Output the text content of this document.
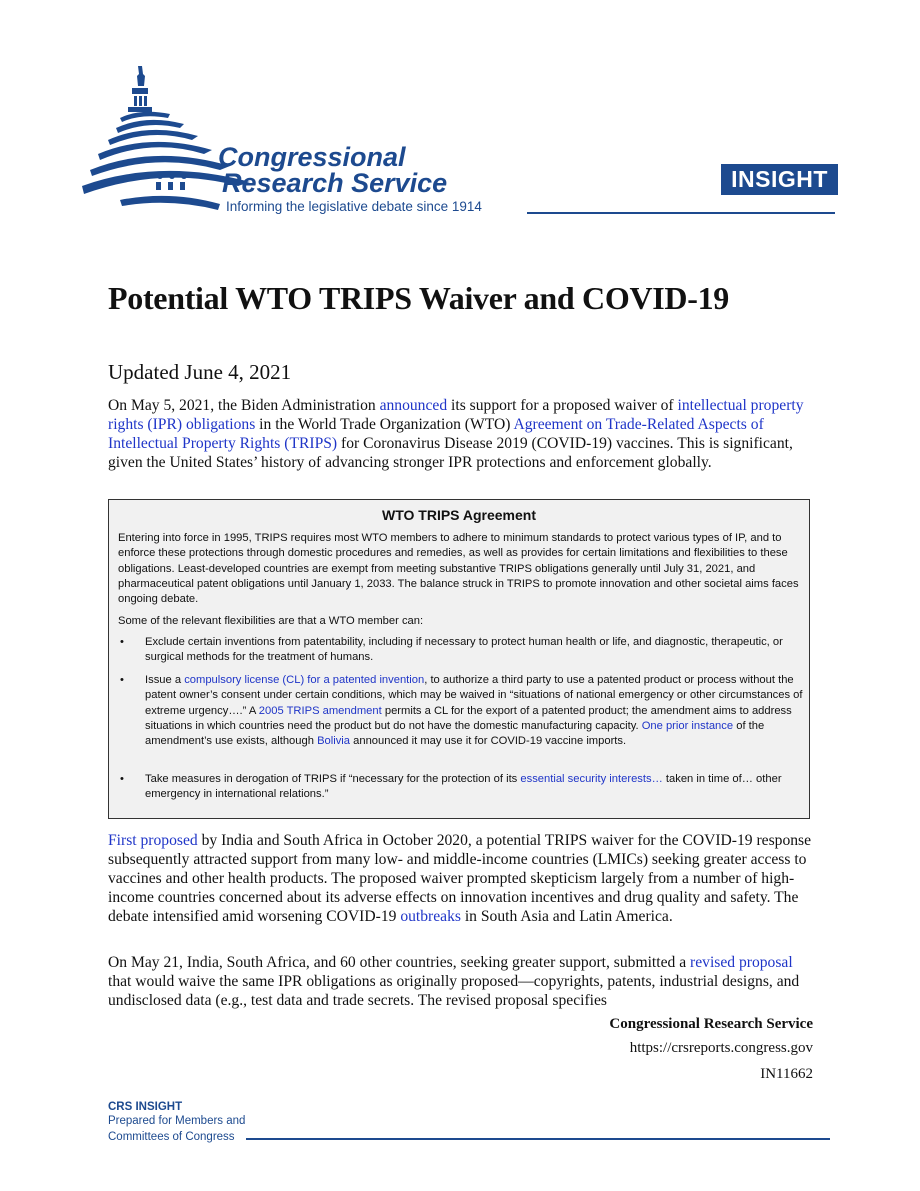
Congressional
Research Service
Informing the legislative debate since 1914
INSIGHT
Potential WTO TRIPS Waiver and COVID-19
Updated June 4, 2021

On May 5, 2021, the Biden Administration announced its support for a proposed waiver of intellectual property rights (IPR) obligations in the World Trade Organization (WTO) Agreement on Trade-Related Aspects of Intellectual Property Rights (TRIPS) for Coronavirus Disease 2019 (COVID-19) vaccines. This is significant, given the United States’ history of advancing stronger IPR protections and enforcement globally.

WTO TRIPS Agreement

Entering into force in 1995, TRIPS requires most WTO members to adhere to minimum standards to protect various types of IP, and to enforce these protections through domestic procedures and remedies, as well as provides for certain limitations and flexibilities to these obligations. Least-developed countries are exempt from meeting substantive TRIPS obligations generally until July 31, 2021, and pharmaceutical patent obligations until January 1, 2033. The balance struck in TRIPS to promote innovation and other societal aims faces ongoing debate.

Some of the relevant flexibilities are that a WTO member can:

• Exclude certain inventions from patentability, including if necessary to protect human health or life, and diagnostic, therapeutic, or surgical methods for the treatment of humans.

• Issue a compulsory license (CL) for a patented invention, to authorize a third party to use a patented product or process without the patent owner’s consent under certain conditions, which may be waived in “situations of national emergency or other circumstances of extreme urgency….” A 2005 TRIPS amendment permits a CL for the export of a patented product; the amendment aims to address situations in which countries need the product but do not have the domestic manufacturing capacity. One prior instance of the amendment’s use exists, although Bolivia announced it may use it for COVID-19 vaccine imports.

• Take measures in derogation of TRIPS if “necessary for the protection of its essential security interests… taken in time of… other emergency in international relations.”

First proposed by India and South Africa in October 2020, a potential TRIPS waiver for the COVID-19 response subsequently attracted support from many low- and middle-income countries (LMICs) seeking greater access to vaccines and other health products. The proposed waiver prompted skepticism largely from a number of high-income countries concerned about its adverse effects on innovation incentives and drug quality and safety. The debate intensified amid worsening COVID-19 outbreaks in South Asia and Latin America.

On May 21, India, South Africa, and 60 other countries, seeking greater support, submitted a revised proposal that would waive the same IPR obligations as originally proposed—copyrights, patents, industrial designs, and undisclosed data (e.g., test data and trade secrets. The revised proposal specifies

Congressional Research Service
https://crsreports.congress.gov
IN11662
CRS INSIGHT
Prepared for Members and
Committees of Congress
